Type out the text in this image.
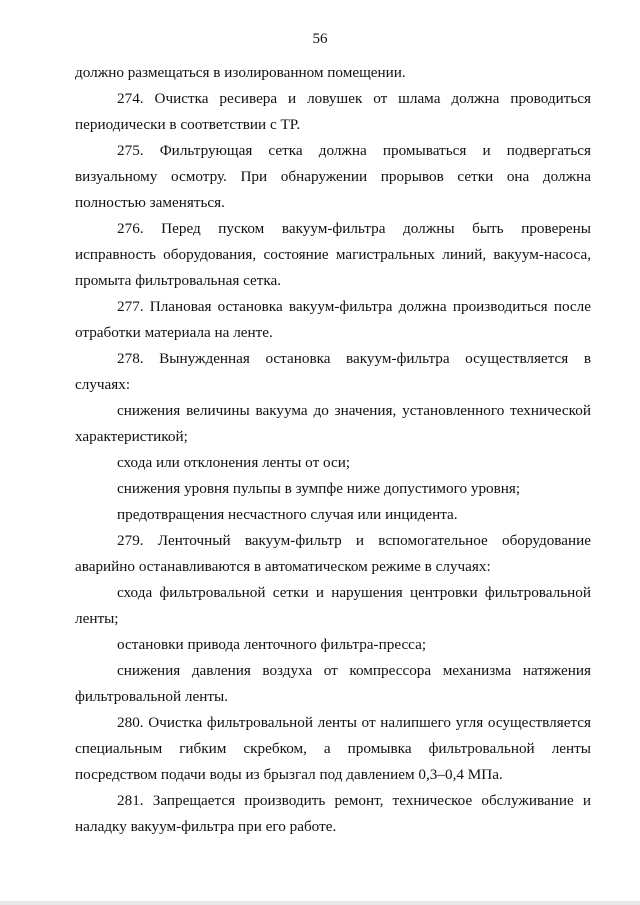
56

должно размещаться в изолированном помещении.

274. Очистка ресивера и ловушек от шлама должна проводиться периодически в соответствии с ТР.

275. Фильтрующая сетка должна промываться и подвергаться визуальному осмотру. При обнаружении прорывов сетки она должна полностью заменяться.

276. Перед пуском вакуум-фильтра должны быть проверены исправность оборудования, состояние магистральных линий, вакуум-насоса, промыта фильтровальная сетка.

277. Плановая остановка вакуум-фильтра должна производиться после отработки материала на ленте.

278. Вынужденная остановка вакуум-фильтра осуществляется в случаях:

снижения величины вакуума до значения, установленного технической характеристикой;

схода или отклонения ленты от оси;

снижения уровня пульпы в зумпфе ниже допустимого уровня;

предотвращения несчастного случая или инцидента.

279. Ленточный вакуум-фильтр и вспомогательное оборудование аварийно останавливаются в автоматическом режиме в случаях:

схода фильтровальной сетки и нарушения центровки фильтровальной ленты;

остановки привода ленточного фильтра-пресса;

снижения давления воздуха от компрессора механизма натяжения фильтровальной ленты.

280. Очистка фильтровальной ленты от налипшего угля осуществляется специальным гибким скребком, а промывка фильтровальной ленты посредством подачи воды из брызгал под давлением 0,3–0,4 МПа.

281. Запрещается производить ремонт, техническое обслуживание и наладку вакуум-фильтра при его работе.
